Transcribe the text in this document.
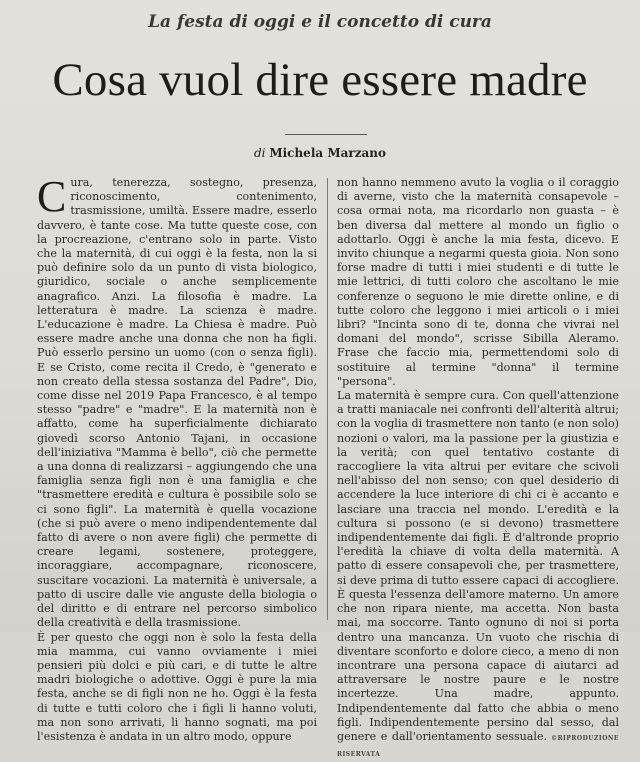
La festa di oggi e il concetto di cura
Cosa vuol dire essere madre
di Michela Marzano

Cura, tenerezza, sostegno, presenza, riconoscimento, contenimento, trasmissione, umiltà. Essere madre, esserlo davvero, è tante cose. Ma tutte queste cose, con la procreazione, c'entrano solo in parte. Visto che la maternità, di cui oggi è la festa, non la si può definire solo da un punto di vista biologico, giuridico, sociale o anche semplicemente anagrafico. Anzi. La filosofia è madre. La letteratura è madre. La scienza è madre. L'educazione è madre. La Chiesa è madre. Può essere madre anche una donna che non ha figli. Può esserlo persino un uomo (con o senza figli). E se Cristo, come recita il Credo, è "generato e non creato della stessa sostanza del Padre", Dio, come disse nel 2019 Papa Francesco, è al tempo stesso "padre" e "madre". E la maternità non è affatto, come ha superficialmente dichiarato giovedì scorso Antonio Tajani, in occasione dell'iniziativa "Mamma è bello", ciò che permette a una donna di realizzarsi – aggiungendo che una famiglia senza figli non è una famiglia e che "trasmettere eredità e cultura è possibile solo se ci sono figli". La maternità è quella vocazione (che si può avere o meno indipendentemente dal fatto di avere o non avere figli) che permette di creare legami, sostenere, proteggere, incoraggiare, accompagnare, riconoscere, suscitare vocazioni. La maternità è universale, a patto di uscire dalle vie anguste della biologia o del diritto e di entrare nel percorso simbolico della creatività e della trasmissione.

È per questo che oggi non è solo la festa della mia mamma, cui vanno ovviamente i miei pensieri più dolci e più cari, e di tutte le altre madri biologiche o adottive. Oggi è pure la mia festa, anche se di figli non ne ho. Oggi è la festa di tutte e tutti coloro che i figli li hanno voluti, ma non sono arrivati, li hanno sognati, ma poi l'esistenza è andata in un altro modo, oppure

non hanno nemmeno avuto la voglia o il coraggio di averne, visto che la maternità consapevole – cosa ormai nota, ma ricordarlo non guasta – è ben diversa dal mettere al mondo un figlio o adottarlo. Oggi è anche la mia festa, dicevo. E invito chiunque a negarmi questa gioia. Non sono forse madre di tutti i miei studenti e di tutte le mie lettrici, di tutti coloro che ascoltano le mie conferenze o seguono le mie dirette online, e di tutte coloro che leggono i miei articoli o i miei libri? "Incinta sono di te, donna che vivrai nel domani del mondo", scrisse Sibilla Aleramo. Frase che faccio mia, permettendomi solo di sostituire al termine "donna" il termine "persona".

La maternità è sempre cura. Con quell'attenzione a tratti maniacale nei confronti dell'alterità altrui; con la voglia di trasmettere non tanto (e non solo) nozioni o valori, ma la passione per la giustizia e la verità; con quel tentativo costante di raccogliere la vita altrui per evitare che scivoli nell'abisso del non senso; con quel desiderio di accendere la luce interiore di chi ci è accanto e lasciare una traccia nel mondo. L'eredità e la cultura si possono (e si devono) trasmettere indipendentemente dai figli. È d'altronde proprio l'eredità la chiave di volta della maternità. A patto di essere consapevoli che, per trasmettere, si deve prima di tutto essere capaci di accogliere. È questa l'essenza dell'amore materno. Un amore che non ripara niente, ma accetta. Non basta mai, ma soccorre. Tanto ognuno di noi si porta dentro una mancanza. Un vuoto che rischia di diventare sconforto e dolore cieco, a meno di non incontrare una persona capace di aiutarci ad attraversare le nostre paure e le nostre incertezze. Una madre, appunto. Indipendentemente dal fatto che abbia o meno figli. Indipendentemente persino dal sesso, dal genere e dall'orientamento sessuale. ©RIPRODUZIONE RISERVATA
